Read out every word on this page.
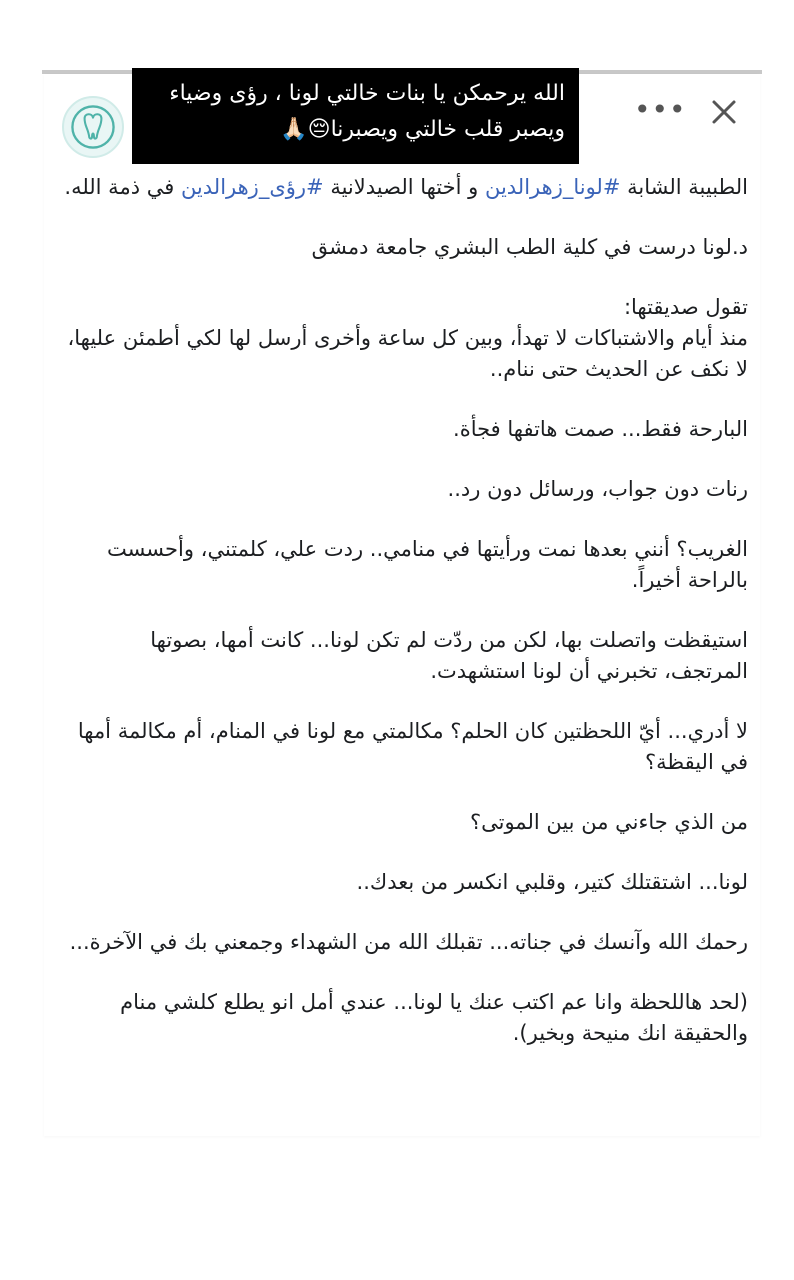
•••
الله يرحمكن يا بنات خالتي لونا ، رؤى وضياء
ويصبر قلب خالتي ويصبرنا😔🙏🏻

الطبيبة الشابة #لونا_زهرالدين و أختها الصيدلانية #رؤى_زهرالدين في ذمة الله.

د.لونا درست في كلية الطب البشري جامعة دمشق

تقول صديقتها:

منذ أيام والاشتباكات لا تهدأ، وبين كل ساعة وأخرى أرسل لها لكي أطمئن عليها، لا نكف عن الحديث حتى ننام..

البارحة فقط... صمت هاتفها فجأة.

رنات دون جواب، ورسائل دون رد..

الغريب؟ أنني بعدها نمت ورأيتها في منامي.. ردت علي، كلمتني، وأحسست بالراحة أخيراً.

استيقظت واتصلت بها، لكن من ردّت لم تكن لونا... كانت أمها، بصوتها المرتجف، تخبرني أن لونا استشهدت.

لا أدري... أيّ اللحظتين كان الحلم؟ مكالمتي مع لونا في المنام، أم مكالمة أمها في اليقظة؟

من الذي جاءني من بين الموتى؟

لونا... اشتقتلك كتير، وقلبي انكسر من بعدك..

رحمك الله وآنسك في جناته... تقبلك الله من الشهداء وجمعني بك في الآخرة...

(لحد هاللحظة وانا عم اكتب عنك يا لونا... عندي أمل انو يطلع كلشي منام والحقيقة انك منيحة وبخير).
